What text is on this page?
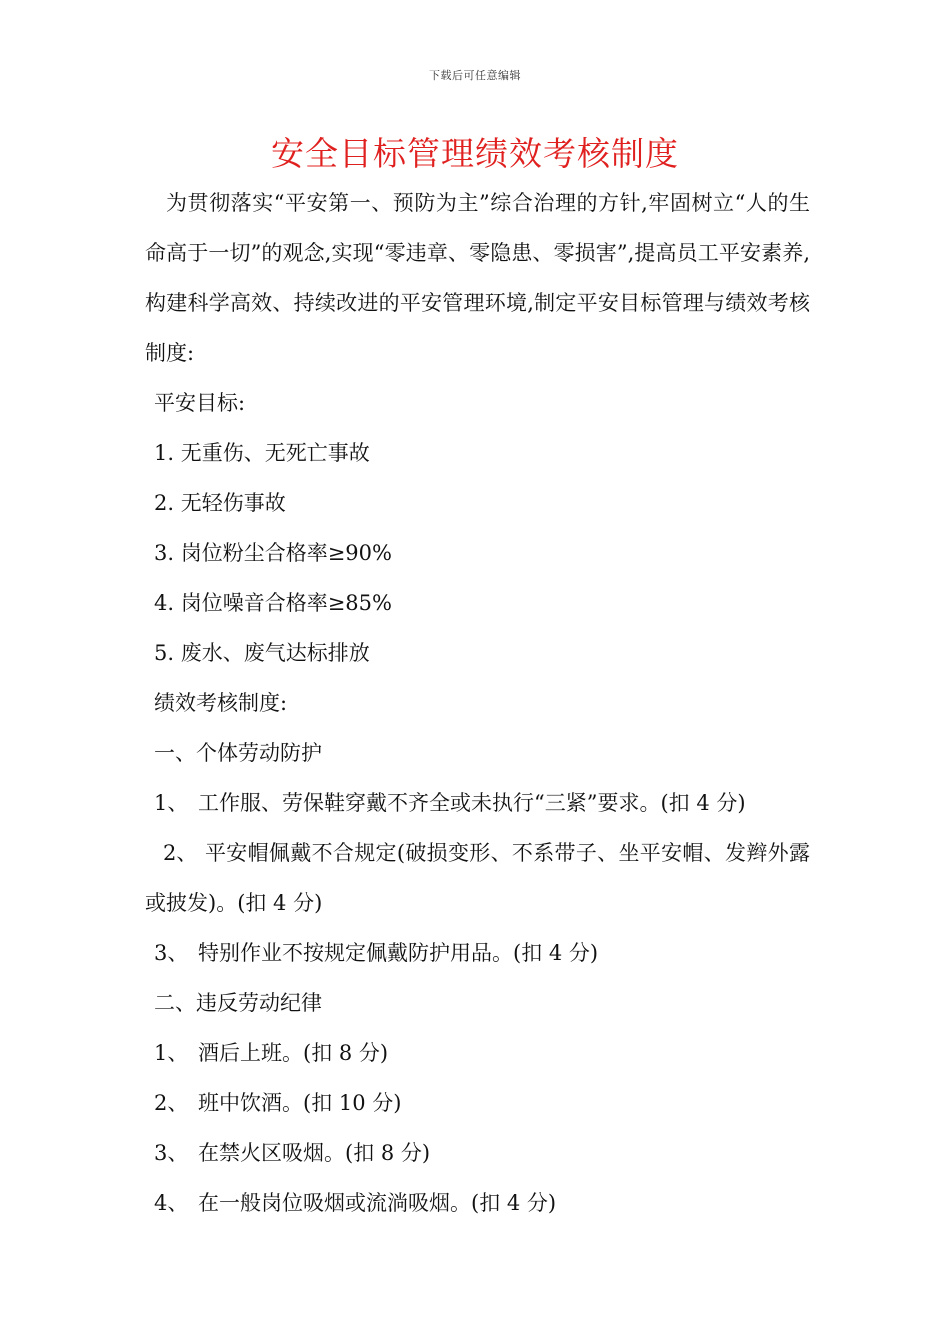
下载后可任意编辑
安全目标管理绩效考核制度

为贯彻落实“平安第一、预防为主”综合治理的方针,牢固树立“人的生命高于一切”的观念,实现“零违章、零隐患、零损害”,提高员工平安素养,构建科学高效、持续改进的平安管理环境,制定平安目标管理与绩效考核制度:

平安目标:

1. 无重伤、无死亡事故

2. 无轻伤事故

3. 岗位粉尘合格率≥90%

4. 岗位噪音合格率≥85%

5. 废水、废气达标排放

绩效考核制度:

一、个体劳动防护

1、 工作服、劳保鞋穿戴不齐全或未执行“三紧”要求。(扣 4 分)

2、 平安帽佩戴不合规定(破损变形、不系带子、坐平安帽、发辫外露或披发)。(扣 4 分)

3、 特别作业不按规定佩戴防护用品。(扣 4 分)

二、违反劳动纪律

1、 酒后上班。(扣 8 分)

2、 班中饮酒。(扣 10 分)

3、 在禁火区吸烟。(扣 8 分)

4、 在一般岗位吸烟或流淌吸烟。(扣 4 分)
